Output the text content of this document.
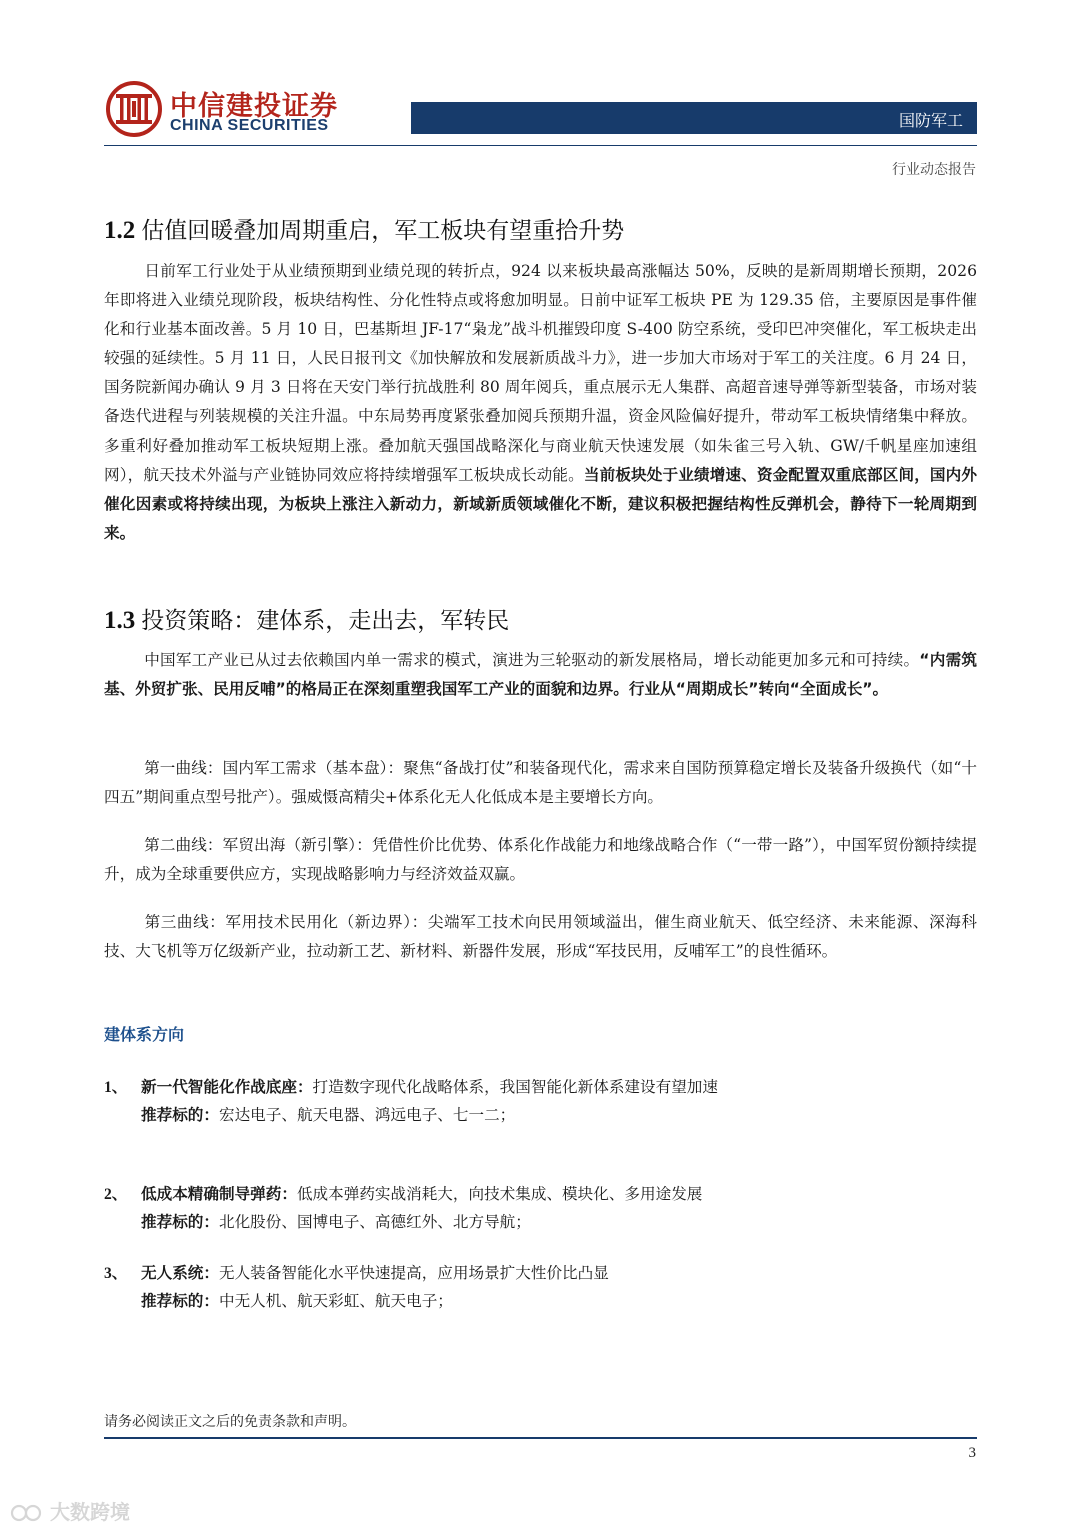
中信建投证券
CHINA SECURITIES	国防军工
行业动态报告
1.2 估值回暖叠加周期重启，军工板块有望重拾升势
日前军工行业处于从业绩预期到业绩兑现的转折点，924 以来板块最高涨幅达 50%，反映的是新周期增长预期，2026 年即将进入业绩兑现阶段，板块结构性、分化性特点或将愈加明显。日前中证军工板块 PE 为 129.35 倍，主要原因是事件催化和行业基本面改善。5 月 10 日，巴基斯坦 JF-17“枭龙”战斗机摧毁印度 S-400 防空系统，受印巴冲突催化，军工板块走出较强的延续性。5 月 11 日，人民日报刊文《加快解放和发展新质战斗力》，进一步加大市场对于军工的关注度。6 月 24 日，国务院新闻办确认 9 月 3 日将在天安门举行抗战胜利 80 周年阅兵，重点展示无人集群、高超音速导弹等新型装备，市场对装备迭代进程与列装规模的关注升温。中东局势再度紧张叠加阅兵预期升温，资金风险偏好提升，带动军工板块情绪集中释放。多重利好叠加推动军工板块短期上涨。叠加航天强国战略深化与商业航天快速发展（如朱雀三号入轨、GW/千帆星座加速组网），航天技术外溢与产业链协同效应将持续增强军工板块成长动能。当前板块处于业绩增速、资金配置双重底部区间，国内外催化因素或将持续出现，为板块上涨注入新动力，新域新质领域催化不断，建议积极把握结构性反弹机会，静待下一轮周期到来。
1.3 投资策略：建体系，走出去，军转民
中国军工产业已从过去依赖国内单一需求的模式，演进为三轮驱动的新发展格局，增长动能更加多元和可持续。“内需筑基、外贸扩张、民用反哺”的格局正在深刻重塑我国军工产业的面貌和边界。行业从“周期成长”转向“全面成长”。
第一曲线：国内军工需求（基本盘）：聚焦“备战打仗”和装备现代化，需求来自国防预算稳定增长及装备升级换代（如“十四五”期间重点型号批产）。强威慑高精尖+体系化无人化低成本是主要增长方向。
第二曲线：军贸出海（新引擎）：凭借性价比优势、体系化作战能力和地缘战略合作（“一带一路”），中国军贸份额持续提升，成为全球重要供应方，实现战略影响力与经济效益双赢。
第三曲线：军用技术民用化（新边界）：尖端军工技术向民用领域溢出，催生商业航天、低空经济、未来能源、深海科技、大飞机等万亿级新产业，拉动新工艺、新材料、新器件发展，形成“军技民用，反哺军工”的良性循环。
建体系方向
1、 新一代智能化作战底座：打造数字现代化战略体系，我国智能化新体系建设有望加速
推荐标的：宏达电子、航天电器、鸿远电子、七一二；
2、 低成本精确制导弹药：低成本弹药实战消耗大，向技术集成、模块化、多用途发展
推荐标的：北化股份、国博电子、高德红外、北方导航；
3、 无人系统：无人装备智能化水平快速提高，应用场景扩大性价比凸显
推荐标的：中无人机、航天彩虹、航天电子；
请务必阅读正文之后的免责条款和声明。
3
大数跨境
